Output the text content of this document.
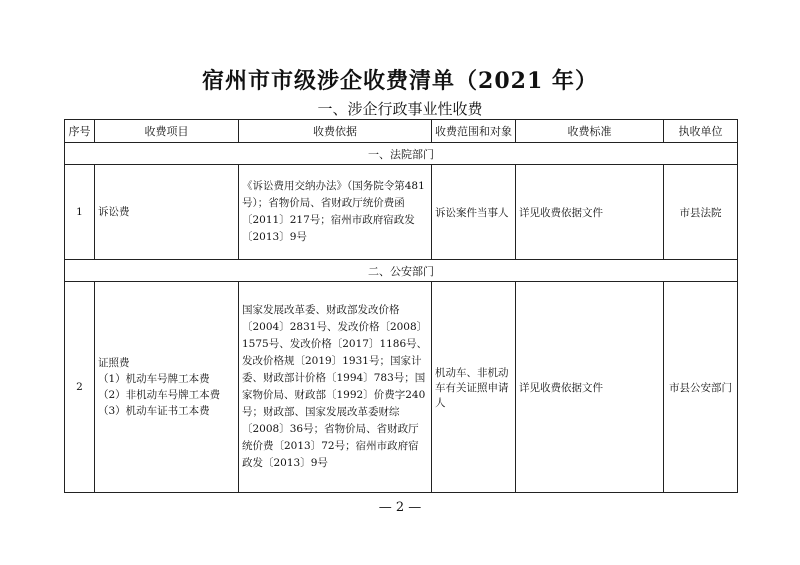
宿州市市级涉企收费清单（2021 年）
一、涉企行政事业性收费
序号	收费项目	收费依据	收费范围和对象	收费标准	执收单位
一、法院部门					
1	诉讼费	《诉讼费用交纳办法》（国务院令第481号）；省物价局、省财政厅统价费函〔2011〕217号；宿州市政府宿政发〔2013〕9号	诉讼案件当事人	详见收费依据文件	市县法院
二、公安部门					
2	证照费
（1）机动车号牌工本费
（2）非机动车号牌工本费
（3）机动车证书工本费	国家发展改革委、财政部发改价格〔2004〕2831号、发改价格〔2008〕1575号、发改价格〔2017〕1186号、发改价格规〔2019〕1931号；国家计委、财政部计价格〔1994〕783号；国家物价局、财政部〔1992〕价费字240号；财政部、国家发展改革委财综〔2008〕36号；省物价局、省财政厅统价费〔2013〕72号；宿州市政府宿政发〔2013〕9号	机动车、非机动车有关证照申请人	详见收费依据文件	市县公安部门
— 2 —
